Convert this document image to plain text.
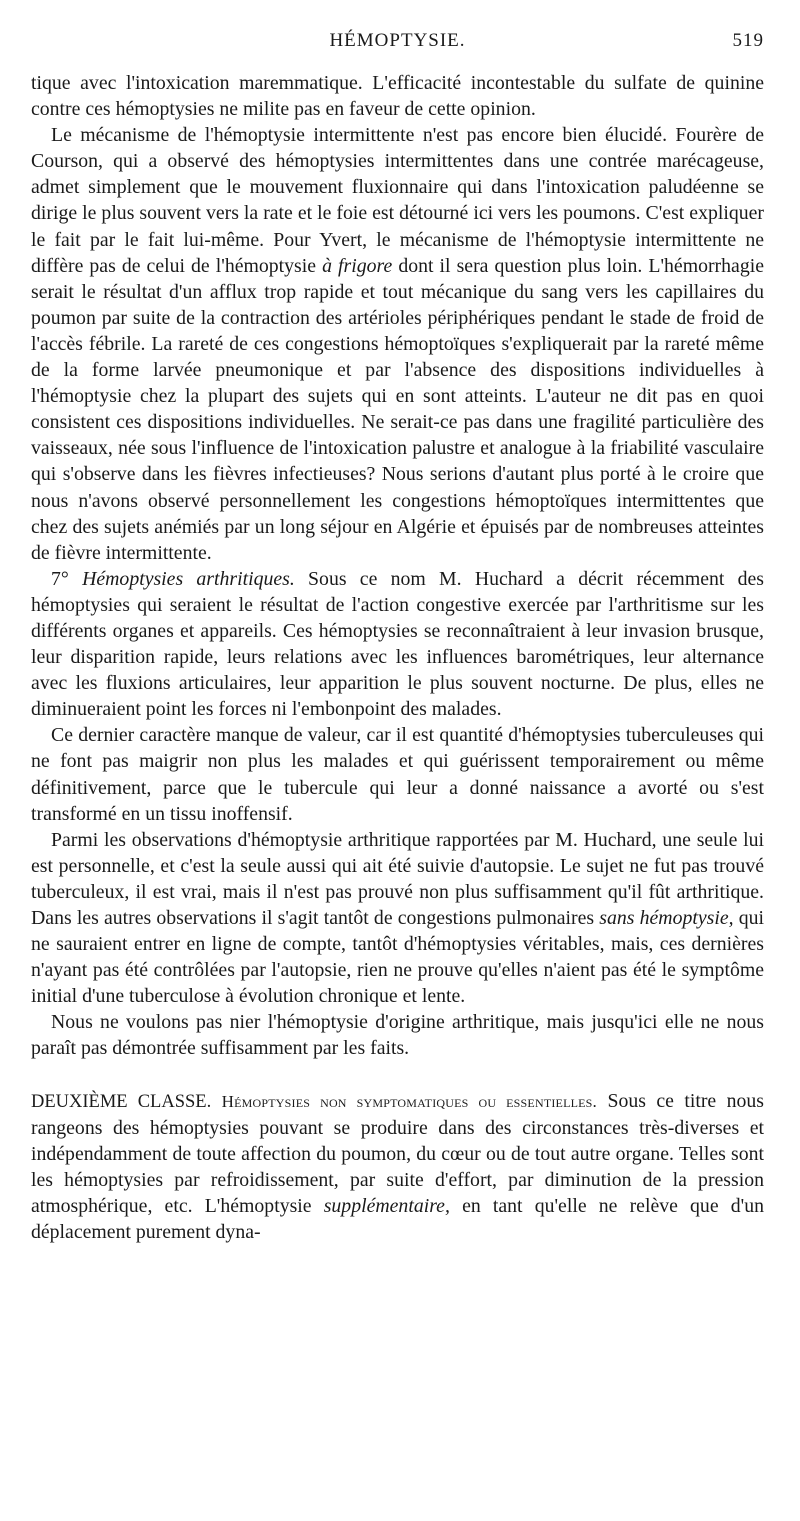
HÉMOPTYSIE.	519

tique avec l'intoxication maremmatique. L'efficacité incontestable du sulfate de quinine contre ces hémoptysies ne milite pas en faveur de cette opinion.

Le mécanisme de l'hémoptysie intermittente n'est pas encore bien élucidé. Fourère de Courson, qui a observé des hémoptysies intermittentes dans une contrée marécageuse, admet simplement que le mouvement fluxionnaire qui dans l'intoxication paludéenne se dirige le plus souvent vers la rate et le foie est détourné ici vers les poumons. C'est expliquer le fait par le fait lui-même. Pour Yvert, le mécanisme de l'hémoptysie intermittente ne diffère pas de celui de l'hémoptysie à frigore dont il sera question plus loin. L'hémorrhagie serait le résultat d'un afflux trop rapide et tout mécanique du sang vers les capillaires du poumon par suite de la contraction des artérioles périphériques pendant le stade de froid de l'accès fébrile. La rareté de ces congestions hémoptoïques s'expliquerait par la rareté même de la forme larvée pneumonique et par l'absence des dispositions individuelles à l'hémoptysie chez la plupart des sujets qui en sont atteints. L'auteur ne dit pas en quoi consistent ces dispositions individuelles. Ne serait-ce pas dans une fragilité particulière des vaisseaux, née sous l'influence de l'intoxication palustre et analogue à la friabilité vasculaire qui s'observe dans les fièvres infectieuses? Nous serions d'autant plus porté à le croire que nous n'avons observé personnellement les congestions hémoptoïques intermittentes que chez des sujets anémiés par un long séjour en Algérie et épuisés par de nombreuses atteintes de fièvre intermittente.

7° Hémoptysies arthritiques. Sous ce nom M. Huchard a décrit récemment des hémoptysies qui seraient le résultat de l'action congestive exercée par l'arthritisme sur les différents organes et appareils. Ces hémoptysies se reconnaîtraient à leur invasion brusque, leur disparition rapide, leurs relations avec les influences barométriques, leur alternance avec les fluxions articulaires, leur apparition le plus souvent nocturne. De plus, elles ne diminueraient point les forces ni l'embonpoint des malades.

Ce dernier caractère manque de valeur, car il est quantité d'hémoptysies tuberculeuses qui ne font pas maigrir non plus les malades et qui guérissent temporairement ou même définitivement, parce que le tubercule qui leur a donné naissance a avorté ou s'est transformé en un tissu inoffensif.

Parmi les observations d'hémoptysie arthritique rapportées par M. Huchard, une seule lui est personnelle, et c'est la seule aussi qui ait été suivie d'autopsie. Le sujet ne fut pas trouvé tuberculeux, il est vrai, mais il n'est pas prouvé non plus suffisamment qu'il fût arthritique. Dans les autres observations il s'agit tantôt de congestions pulmonaires sans hémoptysie, qui ne sauraient entrer en ligne de compte, tantôt d'hémoptysies véritables, mais, ces dernières n'ayant pas été contrôlées par l'autopsie, rien ne prouve qu'elles n'aient pas été le symptôme initial d'une tuberculose à évolution chronique et lente.

Nous ne voulons pas nier l'hémoptysie d'origine arthritique, mais jusqu'ici elle ne nous paraît pas démontrée suffisamment par les faits.

DEUXIÈME CLASSE. Hémoptysies non symptomatiques ou essentielles. Sous ce titre nous rangeons des hémoptysies pouvant se produire dans des circonstances très-diverses et indépendamment de toute affection du poumon, du cœur ou de tout autre organe. Telles sont les hémoptysies par refroidissement, par suite d'effort, par diminution de la pression atmosphérique, etc. L'hémoptysie supplémentaire, en tant qu'elle ne relève que d'un déplacement purement dyna-
